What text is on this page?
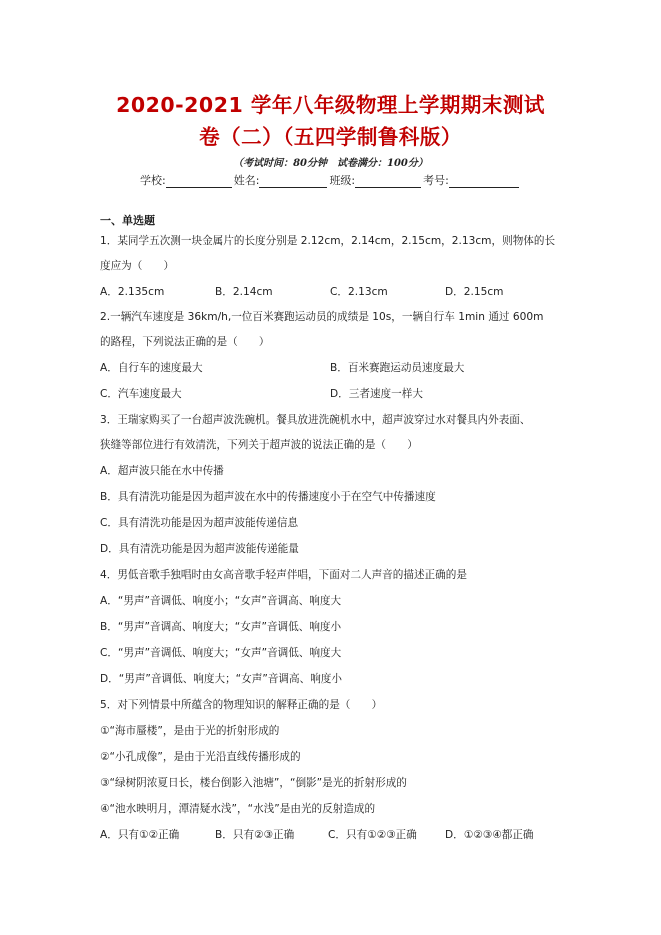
2020-2021 学年八年级物理上学期期末测试
卷（二）（五四学制鲁科版）
（考试时间：80分钟　试卷满分：100分）
学校:	姓名:	班级:	考号:
一、单选题
1．某同学五次测一块金属片的长度分别是 2.12cm，2.14cm，2.15cm，2.13cm，则物体的长
度应为（　　）
A．2.135cm	B．2.14cm	C．2.13cm	D．2.15cm
2.一辆汽车速度是 36km/h,一位百米赛跑运动员的成绩是 10s，一辆自行车 1min 通过 600m
的路程，下列说法正确的是（　　）
A．自行车的速度最大	B．百米赛跑运动员速度最大
C．汽车速度最大	D．三者速度一样大
3．王瑞家购买了一台超声波洗碗机。餐具放进洗碗机水中，超声波穿过水对餐具内外表面、
狭缝等部位进行有效清洗，下列关于超声波的说法正确的是（　　）
A．超声波只能在水中传播
B．具有清洗功能是因为超声波在水中的传播速度小于在空气中传播速度
C．具有清洗功能是因为超声波能传递信息
D．具有清洗功能是因为超声波能传递能量
4．男低音歌手独唱时由女高音歌手轻声伴唱，下面对二人声音的描述正确的是
A．“男声”音调低、响度小；“女声”音调高、响度大
B．“男声”音调高、响度大；“女声”音调低、响度小
C．“男声”音调低、响度大；“女声”音调低、响度大
D．“男声”音调低、响度大；“女声”音调高、响度小
5．对下列情景中所蕴含的物理知识的解释正确的是（　　）
①“海市蜃楼”，是由于光的折射形成的
②“小孔成像”，是由于光沿直线传播形成的
③“绿树阴浓夏日长，楼台倒影入池塘”，“倒影”是光的折射形成的
④“池水映明月，潭清疑水浅”，“水浅”是由光的反射造成的
A．只有①②正确	B．只有②③正确	C．只有①②③正确	D．①②③④都正确
